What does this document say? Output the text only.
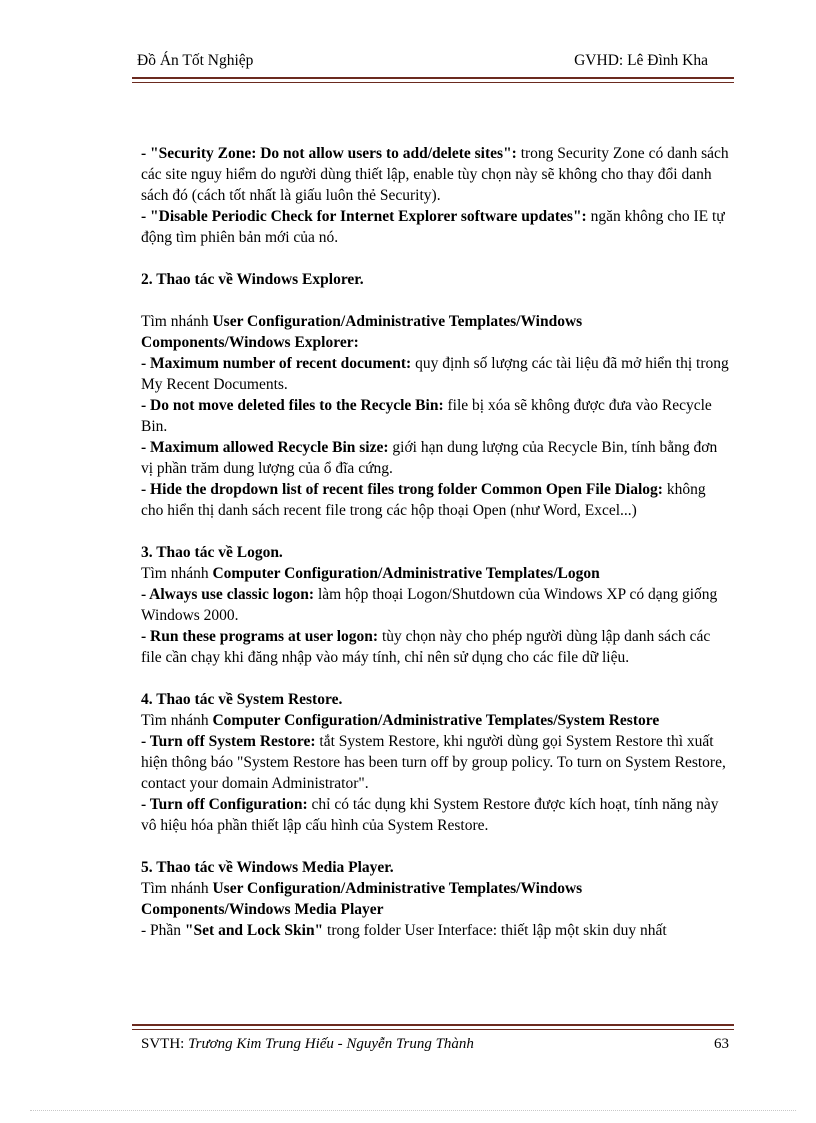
Đồ Án Tốt Nghiệp	GVHD: Lê Đình Kha

- "Security Zone: Do not allow users to add/delete sites": trong Security Zone có danh sách các site nguy hiểm do người dùng thiết lập, enable tùy chọn này sẽ không cho thay đổi danh sách đó (cách tốt nhất là giấu luôn thẻ Security).

- "Disable Periodic Check for Internet Explorer software updates": ngăn không cho IE tự động tìm phiên bản mới của nó.

2. Thao tác về Windows Explorer.

Tìm nhánh User Configuration/Administrative Templates/Windows Components/Windows Explorer:

- Maximum number of recent document: quy định số lượng các tài liệu đã mở hiển thị trong My Recent Documents.

- Do not move deleted files to the Recycle Bin: file bị xóa sẽ không được đưa vào Recycle Bin.

- Maximum allowed Recycle Bin size: giới hạn dung lượng của Recycle Bin, tính bằng đơn vị phần trăm dung lượng của ổ đĩa cứng.

- Hide the dropdown list of recent files trong folder Common Open File Dialog: không cho hiển thị danh sách recent file trong các hộp thoại Open (như Word, Excel...)

3. Thao tác về Logon.

Tìm nhánh Computer Configuration/Administrative Templates/Logon

- Always use classic logon: làm hộp thoại Logon/Shutdown của Windows XP có dạng giống Windows 2000.

- Run these programs at user logon: tùy chọn này cho phép người dùng lập danh sách các file cần chạy khi đăng nhập vào máy tính, chỉ nên sử dụng cho các file dữ liệu.

4. Thao tác về System Restore.

Tìm nhánh Computer Configuration/Administrative Templates/System Restore

- Turn off System Restore: tắt System Restore, khi người dùng gọi System Restore thì xuất hiện thông báo "System Restore has been turn off by group policy. To turn on System Restore, contact your domain Administrator".

- Turn off Configuration: chỉ có tác dụng khi System Restore được kích hoạt, tính năng này vô hiệu hóa phần thiết lập cấu hình của System Restore.

5. Thao tác về Windows Media Player.

Tìm nhánh User Configuration/Administrative Templates/Windows Components/Windows Media Player

- Phần "Set and Lock Skin" trong folder User Interface: thiết lập một skin duy nhất

SVTH: Trương Kim Trung Hiếu - Nguyễn Trung Thành	63
